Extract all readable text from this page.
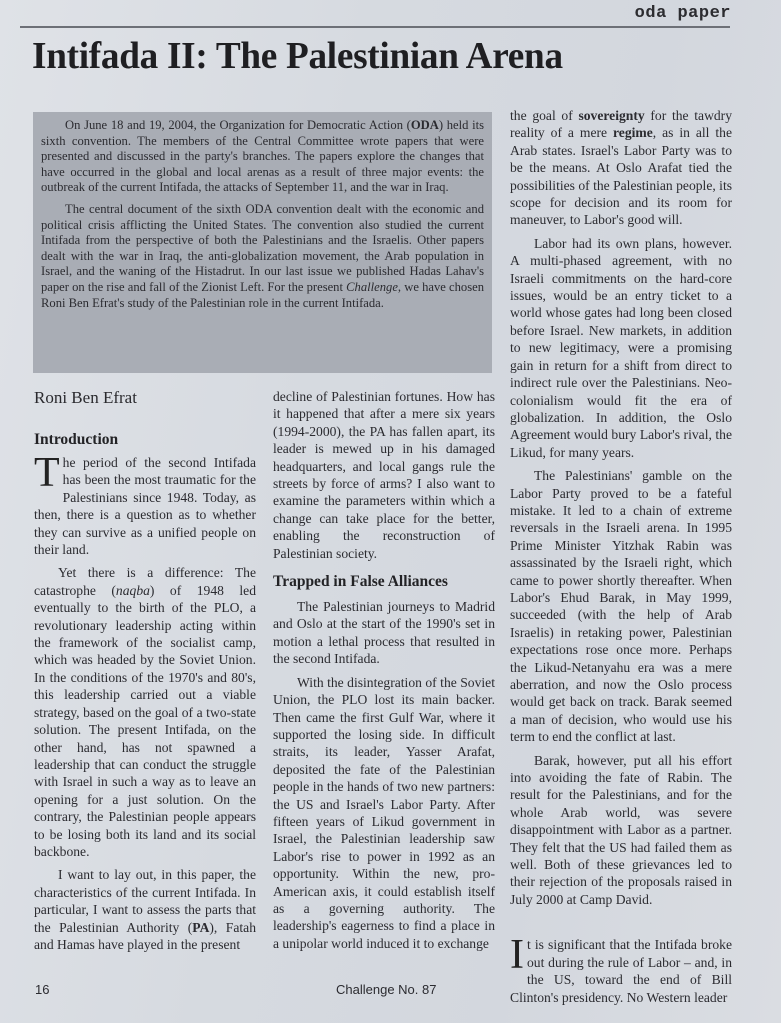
oda paper
Intifada II: The Palestinian Arena

On June 18 and 19, 2004, the Organization for Democratic Action (ODA) held its sixth convention. The members of the Central Committee wrote papers that were presented and discussed in the party's branches. The papers explore the changes that have occurred in the global and local arenas as a result of three major events: the outbreak of the current Intifada, the attacks of September 11, and the war in Iraq.

The central document of the sixth ODA convention dealt with the economic and political crisis afflicting the United States. The convention also studied the current Intifada from the perspective of both the Palestinians and the Israelis. Other papers dealt with the war in Iraq, the anti-globalization movement, the Arab population in Israel, and the waning of the Histadrut. In our last issue we published Hadas Lahav's paper on the rise and fall of the Zionist Left. For the present Challenge, we have chosen Roni Ben Efrat's study of the Palestinian role in the current Intifada.

Roni Ben Efrat
Introduction

The period of the second Intifada has been the most traumatic for the Palestinians since 1948. Today, as then, there is a question as to whether they can survive as a unified people on their land.

Yet there is a difference: The catastrophe (naqba) of 1948 led eventually to the birth of the PLO, a revolutionary leadership acting within the framework of the socialist camp, which was headed by the Soviet Union. In the conditions of the 1970's and 80's, this leadership carried out a viable strategy, based on the goal of a two-state solution. The present Intifada, on the other hand, has not spawned a leadership that can conduct the struggle with Israel in such a way as to leave an opening for a just solution. On the contrary, the Palestinian people appears to be losing both its land and its social backbone.

I want to lay out, in this paper, the characteristics of the current Intifada. In particular, I want to assess the parts that the Palestinian Authority (PA), Fatah and Hamas have played in the present

decline of Palestinian fortunes. How has it happened that after a mere six years (1994-2000), the PA has fallen apart, its leader is mewed up in his damaged headquarters, and local gangs rule the streets by force of arms? I also want to examine the parameters within which a change can take place for the better, enabling the reconstruction of Palestinian society.

Trapped in False Alliances

The Palestinian journeys to Madrid and Oslo at the start of the 1990's set in motion a lethal process that resulted in the second Intifada.

With the disintegration of the Soviet Union, the PLO lost its main backer. Then came the first Gulf War, where it supported the losing side. In difficult straits, its leader, Yasser Arafat, deposited the fate of the Palestinian people in the hands of two new partners: the US and Israel's Labor Party. After fifteen years of Likud government in Israel, the Palestinian leadership saw Labor's rise to power in 1992 as an opportunity. Within the new, pro-American axis, it could establish itself as a governing authority. The leadership's eagerness to find a place in a unipolar world induced it to exchange

the goal of sovereignty for the tawdry reality of a mere regime, as in all the Arab states. Israel's Labor Party was to be the means. At Oslo Arafat tied the possibilities of the Palestinian people, its scope for decision and its room for maneuver, to Labor's good will.

Labor had its own plans, however. A multi-phased agreement, with no Israeli commitments on the hard-core issues, would be an entry ticket to a world whose gates had long been closed before Israel. New markets, in addition to new legitimacy, were a promising gain in return for a shift from direct to indirect rule over the Palestinians. Neo-colonialism would fit the era of globalization. In addition, the Oslo Agreement would bury Labor's rival, the Likud, for many years.

The Palestinians' gamble on the Labor Party proved to be a fateful mistake. It led to a chain of extreme reversals in the Israeli arena. In 1995 Prime Minister Yitzhak Rabin was assassinated by the Israeli right, which came to power shortly thereafter. When Labor's Ehud Barak, in May 1999, succeeded (with the help of Arab Israelis) in retaking power, Palestinian expectations rose once more. Perhaps the Likud-Netanyahu era was a mere aberration, and now the Oslo process would get back on track. Barak seemed a man of decision, who would use his term to end the conflict at last.

Barak, however, put all his effort into avoiding the fate of Rabin. The result for the Palestinians, and for the whole Arab world, was severe disappointment with Labor as a partner. They felt that the US had failed them as well. Both of these grievances led to their rejection of the proposals raised in July 2000 at Camp David.

It is significant that the Intifada broke out during the rule of Labor – and, in the US, toward the end of Bill Clinton's presidency. No Western leader

16	Challenge No. 87
